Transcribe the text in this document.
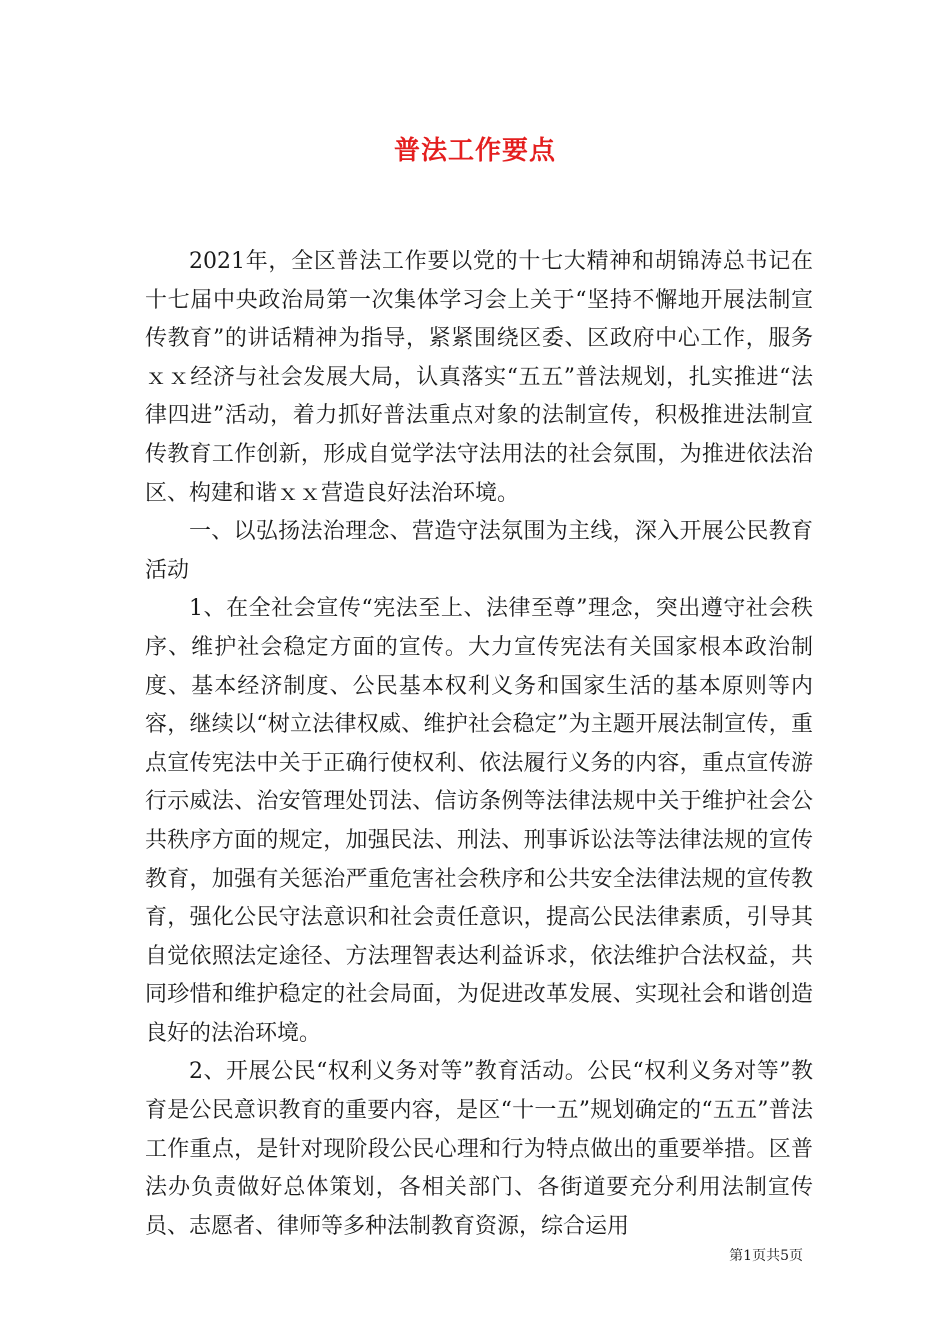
普法工作要点

2021年，全区普法工作要以党的十七大精神和胡锦涛总书记在十七届中央政治局第一次集体学习会上关于“坚持不懈地开展法制宣传教育”的讲话精神为指导，紧紧围绕区委、区政府中心工作，服务ｘｘ经济与社会发展大局，认真落实“五五”普法规划，扎实推进“法律四进”活动，着力抓好普法重点对象的法制宣传，积极推进法制宣传教育工作创新，形成自觉学法守法用法的社会氛围，为推进依法治区、构建和谐ｘｘ营造良好法治环境。

一、以弘扬法治理念、营造守法氛围为主线，深入开展公民教育活动

1、在全社会宣传“宪法至上、法律至尊”理念，突出遵守社会秩序、维护社会稳定方面的宣传。大力宣传宪法有关国家根本政治制度、基本经济制度、公民基本权利义务和国家生活的基本原则等内容，继续以“树立法律权威、维护社会稳定”为主题开展法制宣传，重点宣传宪法中关于正确行使权利、依法履行义务的内容，重点宣传游行示威法、治安管理处罚法、信访条例等法律法规中关于维护社会公共秩序方面的规定，加强民法、刑法、刑事诉讼法等法律法规的宣传教育，加强有关惩治严重危害社会秩序和公共安全法律法规的宣传教育，强化公民守法意识和社会责任意识，提高公民法律素质，引导其自觉依照法定途径、方法理智表达利益诉求，依法维护合法权益，共同珍惜和维护稳定的社会局面，为促进改革发展、实现社会和谐创造良好的法治环境。

2、开展公民“权利义务对等”教育活动。公民“权利义务对等”教育是公民意识教育的重要内容，是区“十一五”规划确定的“五五”普法工作重点，是针对现阶段公民心理和行为特点做出的重要举措。区普法办负责做好总体策划，各相关部门、各街道要充分利用法制宣传员、志愿者、律师等多种法制教育资源，综合运用

第1页共5页
